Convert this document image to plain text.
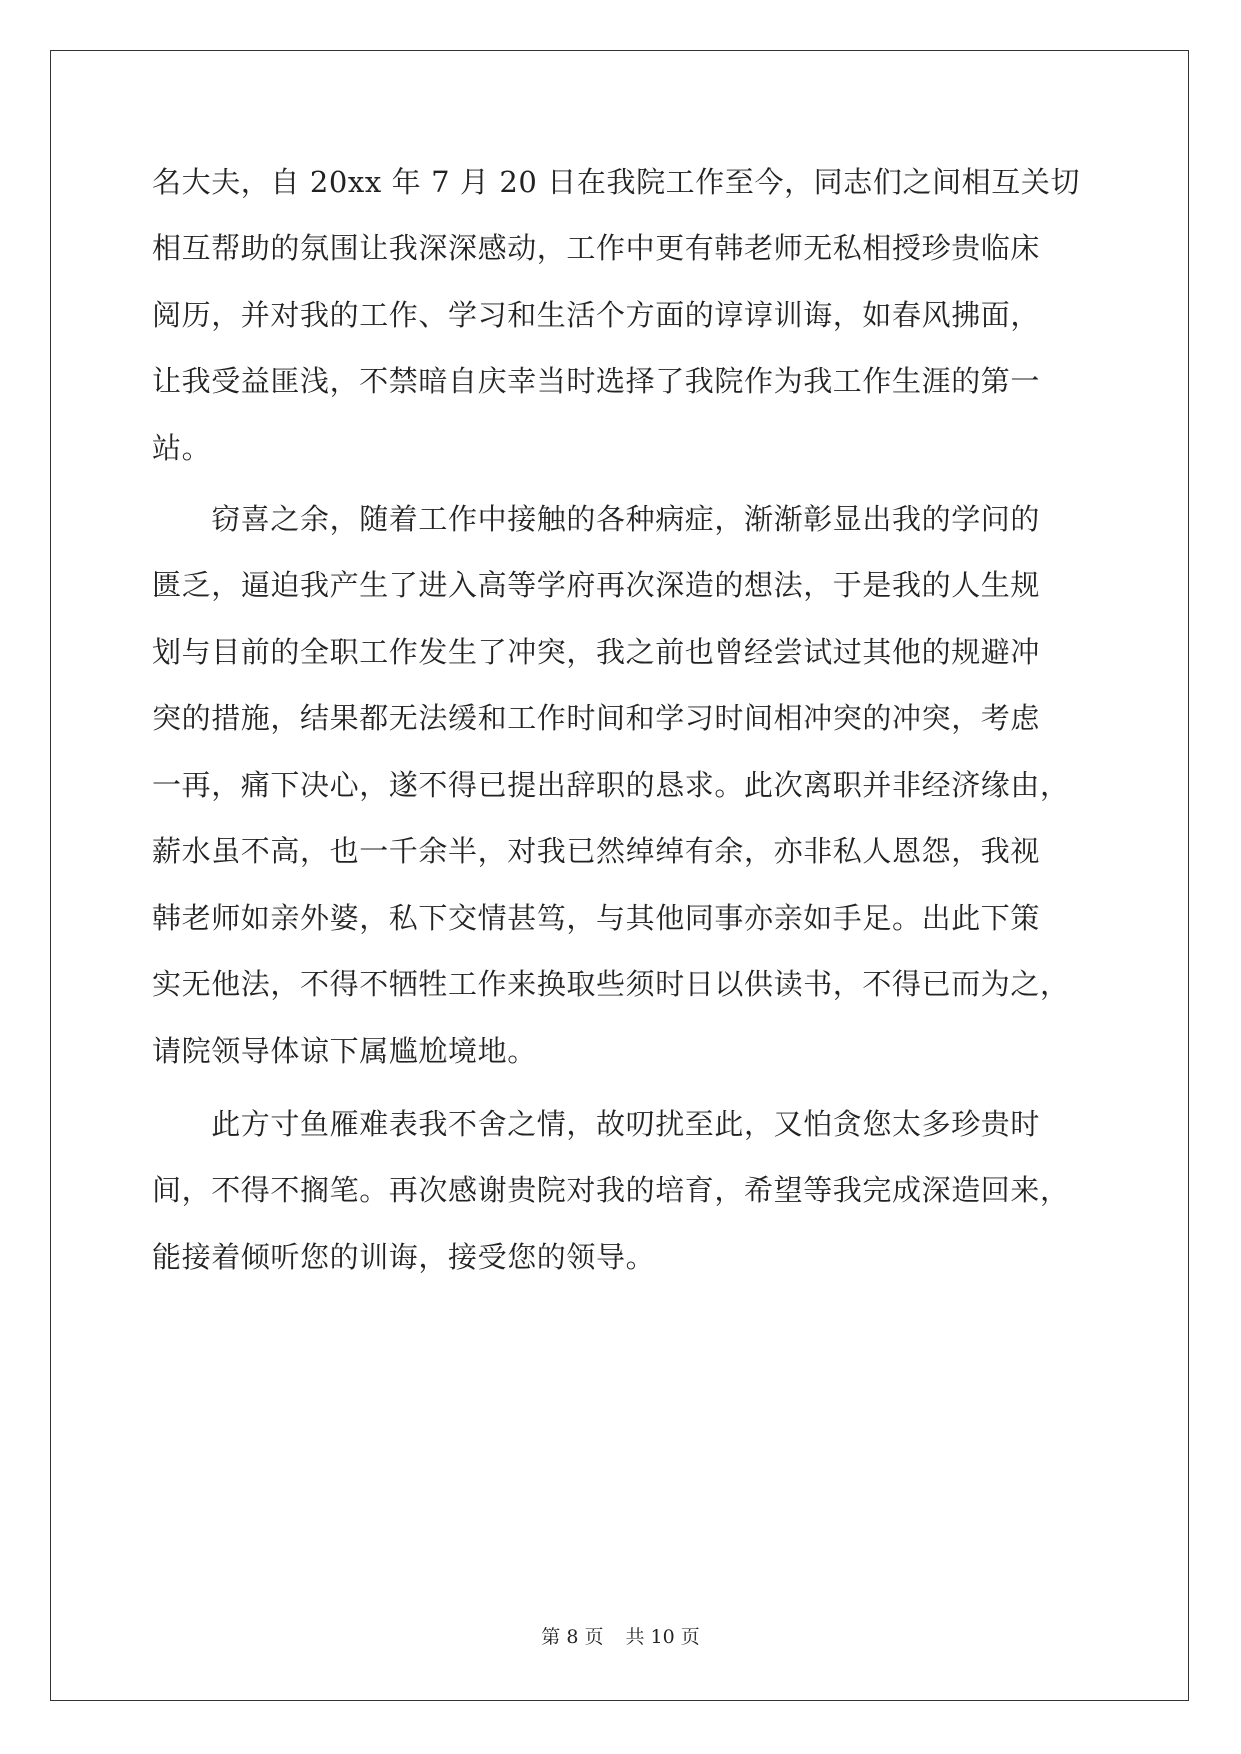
名大夫，自 20xx 年 7 月 20 日在我院工作至今，同志们之间相互关切
相互帮助的氛围让我深深感动，工作中更有韩老师无私相授珍贵临床
阅历，并对我的工作、学习和生活个方面的谆谆训诲，如春风拂面，
让我受益匪浅，不禁暗自庆幸当时选择了我院作为我工作生涯的第一
站。
　　窃喜之余，随着工作中接触的各种病症，渐渐彰显出我的学问的
匮乏，逼迫我产生了进入高等学府再次深造的想法，于是我的人生规
划与目前的全职工作发生了冲突，我之前也曾经尝试过其他的规避冲
突的措施，结果都无法缓和工作时间和学习时间相冲突的冲突，考虑
一再，痛下决心，遂不得已提出辞职的恳求。此次离职并非经济缘由，
薪水虽不高，也一千余半，对我已然绰绰有余，亦非私人恩怨，我视
韩老师如亲外婆，私下交情甚笃，与其他同事亦亲如手足。出此下策
实无他法，不得不牺牲工作来换取些须时日以供读书，不得已而为之，
请院领导体谅下属尴尬境地。
　　此方寸鱼雁难表我不舍之情，故叨扰至此，又怕贪您太多珍贵时
间，不得不搁笔。再次感谢贵院对我的培育，希望等我完成深造回来，
能接着倾听您的训诲，接受您的领导。
第 8 页 共 10 页
